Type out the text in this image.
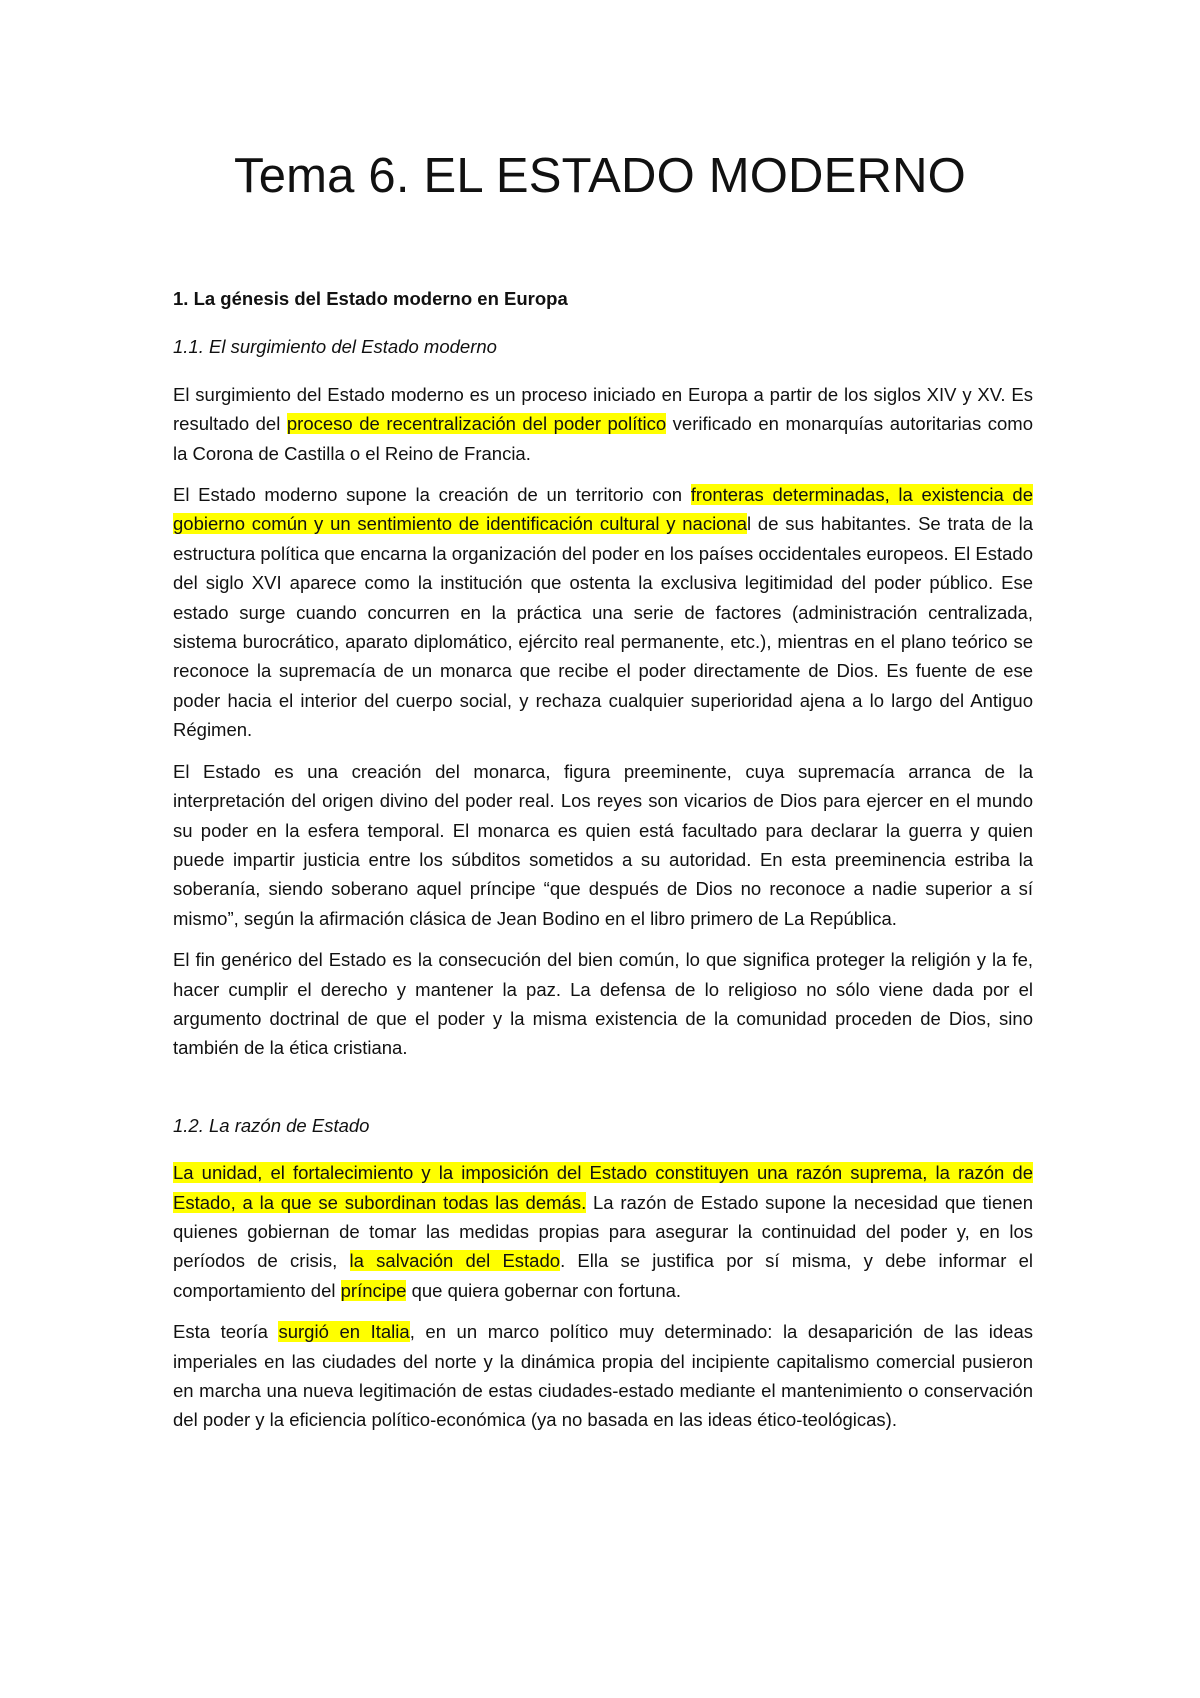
Tema 6. EL ESTADO MODERNO
1. La génesis del Estado moderno en Europa
1.1. El surgimiento del Estado moderno

El surgimiento del Estado moderno es un proceso iniciado en Europa a partir de los siglos XIV y XV. Es resultado del proceso de recentralización del poder político verificado en monarquías autoritarias como la Corona de Castilla o el Reino de Francia.

El Estado moderno supone la creación de un territorio con fronteras determinadas, la existencia de gobierno común y un sentimiento de identificación cultural y nacional de sus habitantes. Se trata de la estructura política que encarna la organización del poder en los países occidentales europeos. El Estado del siglo XVI aparece como la institución que ostenta la exclusiva legitimidad del poder público. Ese estado surge cuando concurren en la práctica una serie de factores (administración centralizada, sistema burocrático, aparato diplomático, ejército real permanente, etc.), mientras en el plano teórico se reconoce la supremacía de un monarca que recibe el poder directamente de Dios. Es fuente de ese poder hacia el interior del cuerpo social, y rechaza cualquier superioridad ajena a lo largo del Antiguo Régimen.

El Estado es una creación del monarca, figura preeminente, cuya supremacía arranca de la interpretación del origen divino del poder real. Los reyes son vicarios de Dios para ejercer en el mundo su poder en la esfera temporal. El monarca es quien está facultado para declarar la guerra y quien puede impartir justicia entre los súbditos sometidos a su autoridad. En esta preeminencia estriba la soberanía, siendo soberano aquel príncipe “que después de Dios no reconoce a nadie superior a sí mismo”, según la afirmación clásica de Jean Bodino en el libro primero de La República.

El fin genérico del Estado es la consecución del bien común, lo que significa proteger la religión y la fe, hacer cumplir el derecho y mantener la paz. La defensa de lo religioso no sólo viene dada por el argumento doctrinal de que el poder y la misma existencia de la comunidad proceden de Dios, sino también de la ética cristiana.

1.2. La razón de Estado

La unidad, el fortalecimiento y la imposición del Estado constituyen una razón suprema, la razón de Estado, a la que se subordinan todas las demás. La razón de Estado supone la necesidad que tienen quienes gobiernan de tomar las medidas propias para asegurar la continuidad del poder y, en los períodos de crisis, la salvación del Estado. Ella se justifica por sí misma, y debe informar el comportamiento del príncipe que quiera gobernar con fortuna.

Esta teoría surgió en Italia, en un marco político muy determinado: la desaparición de las ideas imperiales en las ciudades del norte y la dinámica propia del incipiente capitalismo comercial pusieron en marcha una nueva legitimación de estas ciudades-estado mediante el mantenimiento o conservación del poder y la eficiencia político-económica (ya no basada en las ideas ético-teológicas).
